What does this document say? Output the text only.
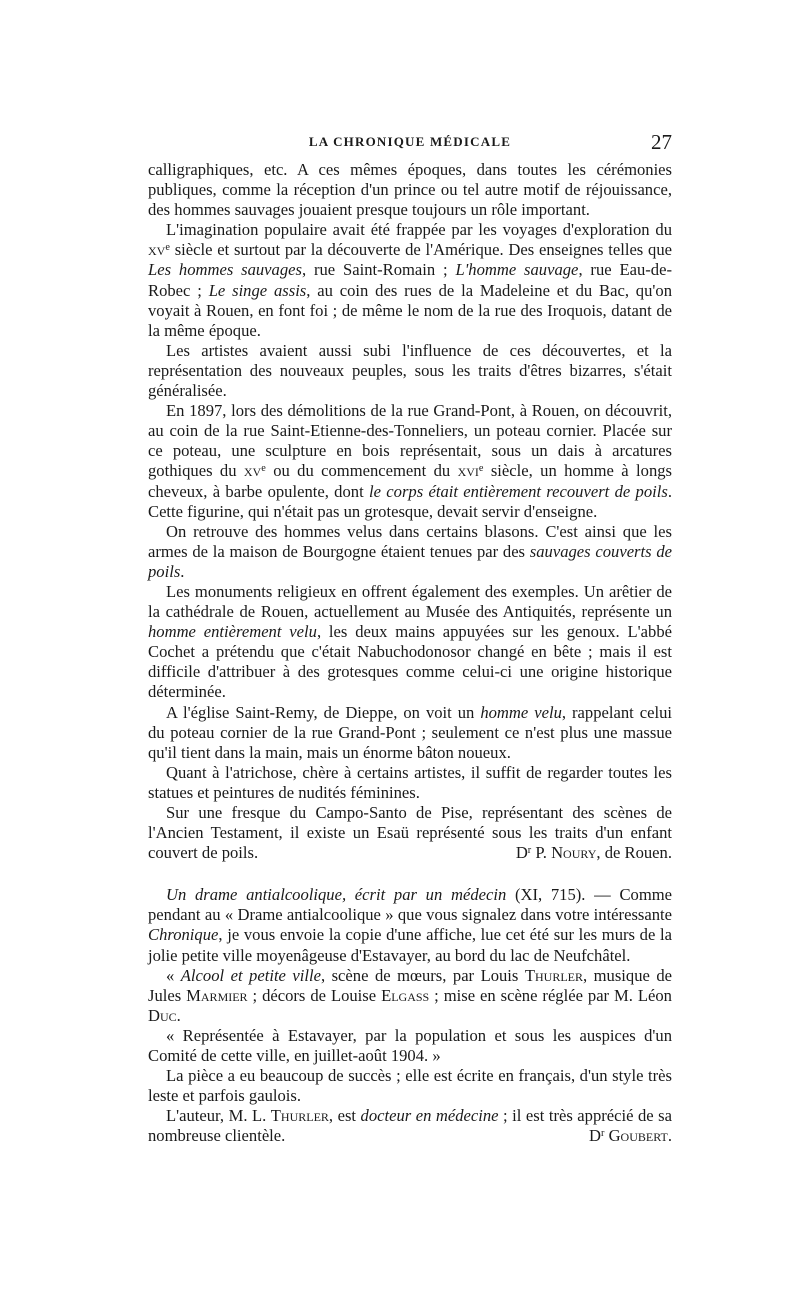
LA CHRONIQUE MÉDICALE	27

calligraphiques, etc. A ces mêmes époques, dans toutes les cérémonies publiques, comme la réception d'un prince ou tel autre motif de réjouissance, des hommes sauvages jouaient presque toujours un rôle important.

L'imagination populaire avait été frappée par les voyages d'exploration du $xv^e$ siècle et surtout par la découverte de l'Amérique. Des enseignes telles que Les hommes sauvages, rue Saint-Romain ; L'homme sauvage, rue Eau-de-Robec ; Le singe assis, au coin des rues de la Madeleine et du Bac, qu'on voyait à Rouen, en font foi ; de même le nom de la rue des Iroquois, datant de la même époque.

Les artistes avaient aussi subi l'influence de ces découvertes, et la représentation des nouveaux peuples, sous les traits d'êtres bizarres, s'était généralisée.

En 1897, lors des démolitions de la rue Grand-Pont, à Rouen, on découvrit, au coin de la rue Saint-Etienne-des-Tonneliers, un poteau cornier. Placée sur ce poteau, une sculpture en bois représentait, sous un dais à arcatures gothiques du $xv^e$ ou du commencement du xvi$^e$ siècle, un homme à longs cheveux, à barbe opulente, dont le corps était entièrement recouvert de poils. Cette figurine, qui n'était pas un grotesque, devait servir d'enseigne.

On retrouve des hommes velus dans certains blasons. C'est ainsi que les armes de la maison de Bourgogne étaient tenues par des sauvages couverts de poils.

Les monuments religieux en offrent également des exemples. Un arêtier de la cathédrale de Rouen, actuellement au Musée des Antiquités, représente un homme entièrement velu, les deux mains appuyées sur les genoux. L'abbé Cochet a prétendu que c'était Nabuchodonosor changé en bête ; mais il est difficile d'attribuer à des grotesques comme celui-ci une origine historique déterminée.

A l'église Saint-Remy, de Dieppe, on voit un homme velu, rappelant celui du poteau cornier de la rue Grand-Pont ; seulement ce n'est plus une massue qu'il tient dans la main, mais un énorme bâton noueux.

Quant à l'atrichose, chère à certains artistes, il suffit de regarder toutes les statues et peintures de nudités féminines.

Sur une fresque du Campo-Santo de Pise, représentant des scènes de l'Ancien Testament, il existe un Esaü représenté sous les traits d'un enfant couvert de poils.	$D^r$ P. Noury, de Rouen.

Un drame antialcoolique, écrit par un médecin (XI, 715). — Comme pendant au « Drame antialcoolique » que vous signalez dans votre intéressante Chronique, je vous envoie la copie d'une affiche, lue cet été sur les murs de la jolie petite ville moyenâgeuse d'Estavayer, au bord du lac de Neufchâtel.

« Alcool et petite ville, scène de mœurs, par Louis Thurler, musique de Jules Marmier ; décors de Louise Elgass ; mise en scène réglée par M. Léon Duc.

« Représentée à Estavayer, par la population et sous les auspices d'un Comité de cette ville, en juillet-août 1904. »

La pièce a eu beaucoup de succès ; elle est écrite en français, d'un style très leste et parfois gaulois.

L'auteur, M. L. Thurler, est docteur en médecine ; il est très apprécié de sa nombreuse clientèle.	$D^r$ Goubert.
